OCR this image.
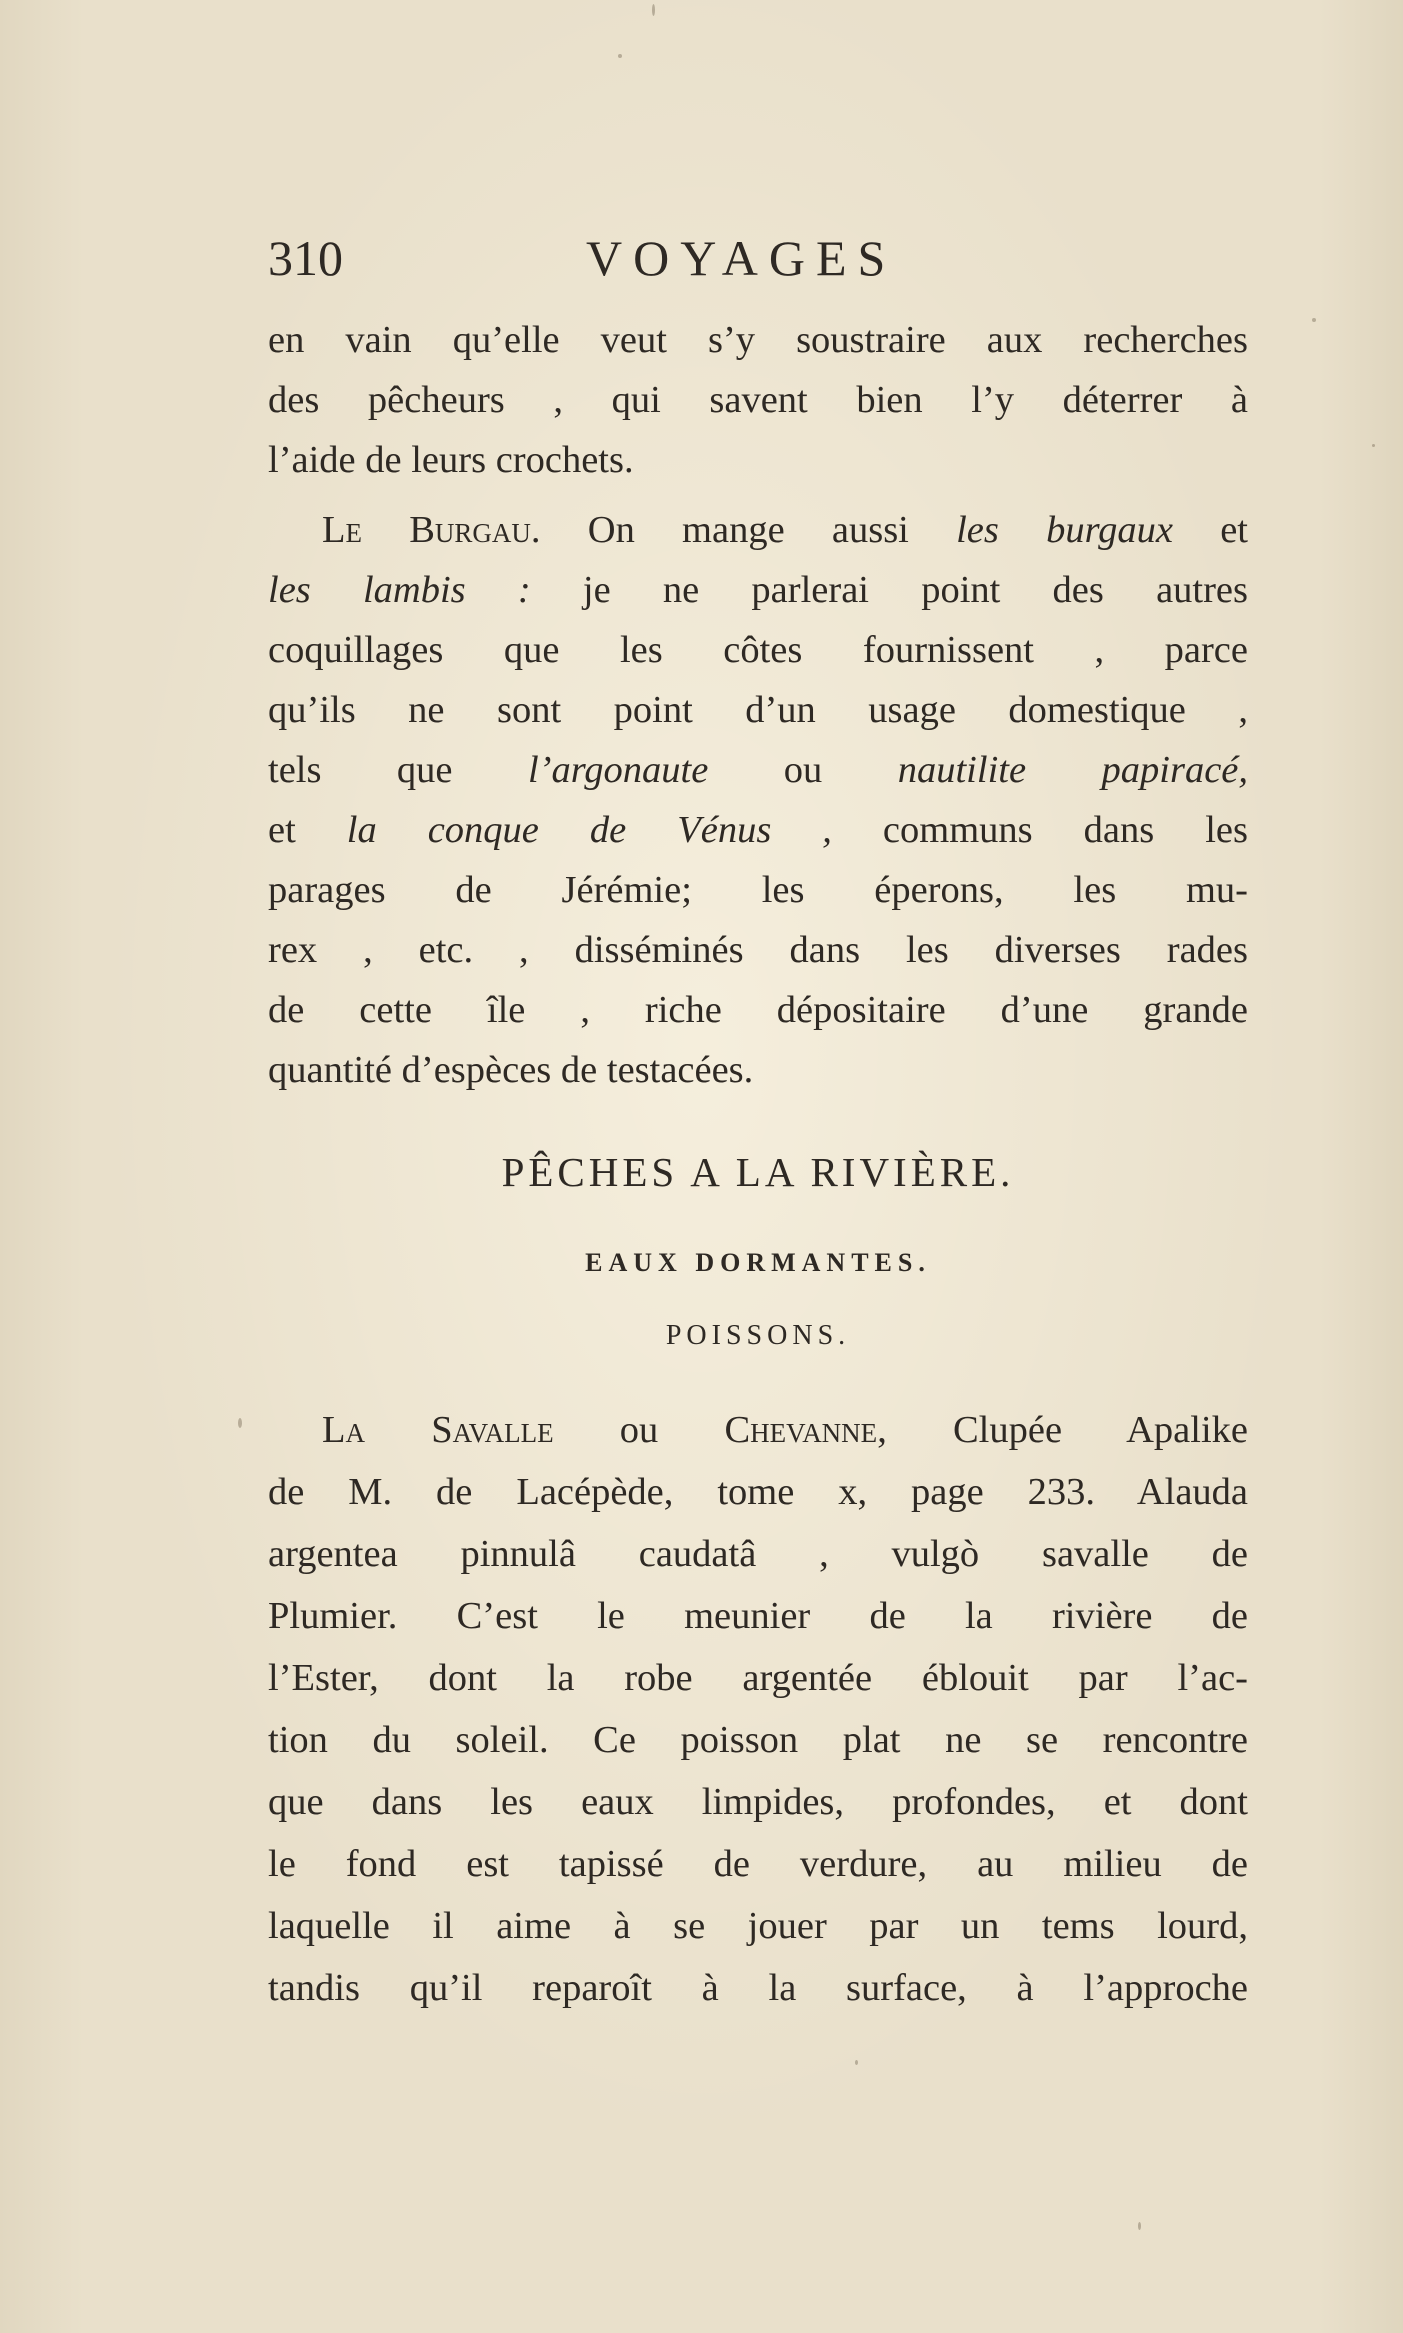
310	VOYAGES
en vain qu’elle veut s’y soustraire aux recherches
des pêcheurs , qui savent bien l’y déterrer à
l’aide de leurs crochets.
Le Burgau. On mange aussi les burgaux et
les lambis : je ne parlerai point des autres
coquillages que les côtes fournissent , parce
qu’ils ne sont point d’un usage domestique ,
tels que l’argonaute ou nautilite papiracé,
et la conque de Vénus , communs dans les
parages de Jérémie; les éperons, les mu-
rex , etc. , disséminés dans les diverses rades
de cette île , riche dépositaire d’une grande
quantité d’espèces de testacées.
PÊCHES A LA RIVIÈRE.
EAUX DORMANTES.
POISSONS.
La Savalle ou Chevanne, Clupée Apalike
de M. de Lacépède, tome x, page 233. Alauda
argentea pinnulâ caudatâ , vulgò savalle de
Plumier. C’est le meunier de la rivière de
l’Ester, dont la robe argentée éblouit par l’ac-
tion du soleil. Ce poisson plat ne se rencontre
que dans les eaux limpides, profondes, et dont
le fond est tapissé de verdure, au milieu de
laquelle il aime à se jouer par un tems lourd,
tandis qu’il reparoît à la surface, à l’approche
